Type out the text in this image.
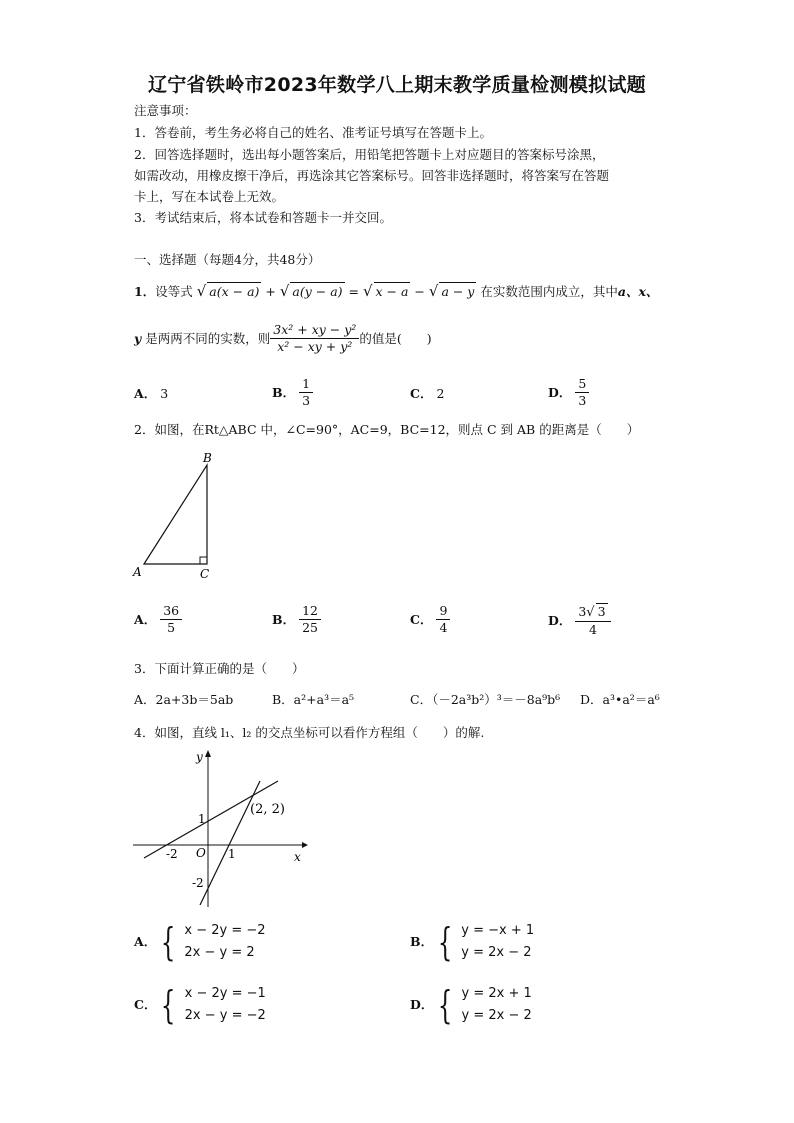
辽宁省铁岭市2023年数学八上期末教学质量检测模拟试题
注意事项：
1．答卷前，考生务必将自己的姓名、准考证号填写在答题卡上。
2．回答选择题时，选出每小题答案后，用铅笔把答题卡上对应题目的答案标号涂黑，
如需改动，用橡皮擦干净后，再选涂其它答案标号。回答非选择题时，将答案写在答题
卡上，写在本试卷上无效。
3．考试结束后，将本试卷和答题卡一并交回。
一、选择题（每题4分，共48分）
1．设等式 √ a(x − a) + √ a(y − a) = √ x − a − √ a − y 在实数范围内成立，其中a、x、
y
是两两不同的实数，则 $\frac{\text{3x² + xy − y²}}{\text{x² − xy + y²}}$ 的值是(　　)
A． 3	B．
$\frac{1}{3}$	C． 2	D．
$\frac{5}{3}$
2．如图，在Rt△ABC 中，∠C=90°，AC=9，BC=12，则点 C 到 AB 的距离是（　　）
B
A	C
A．
$\frac{36}{5}$	B．
$\frac{12}{25}$	C．
$\frac{9}{4}$	D．
$\frac{3√ 3}{4}$
3．下面计算正确的是（　　）
A．2a+3b＝5ab	B．a²+a³＝a⁵	C．（－2a³b²）³＝－8a⁹b⁶ D．a³•a²＝a⁶
4．如图，直线 l₁、l₂ 的交点坐标可以看作方程组（　　）的解.
y
x
O
1
1
-2
-2
(2, 2)
A． { x − 2y = −2
2x − y = 2
B． { y = −x + 1
y = 2x − 2
C． { x − 2y = −1
2x − y = −2
D． { y = 2x + 1
y = 2x − 2
